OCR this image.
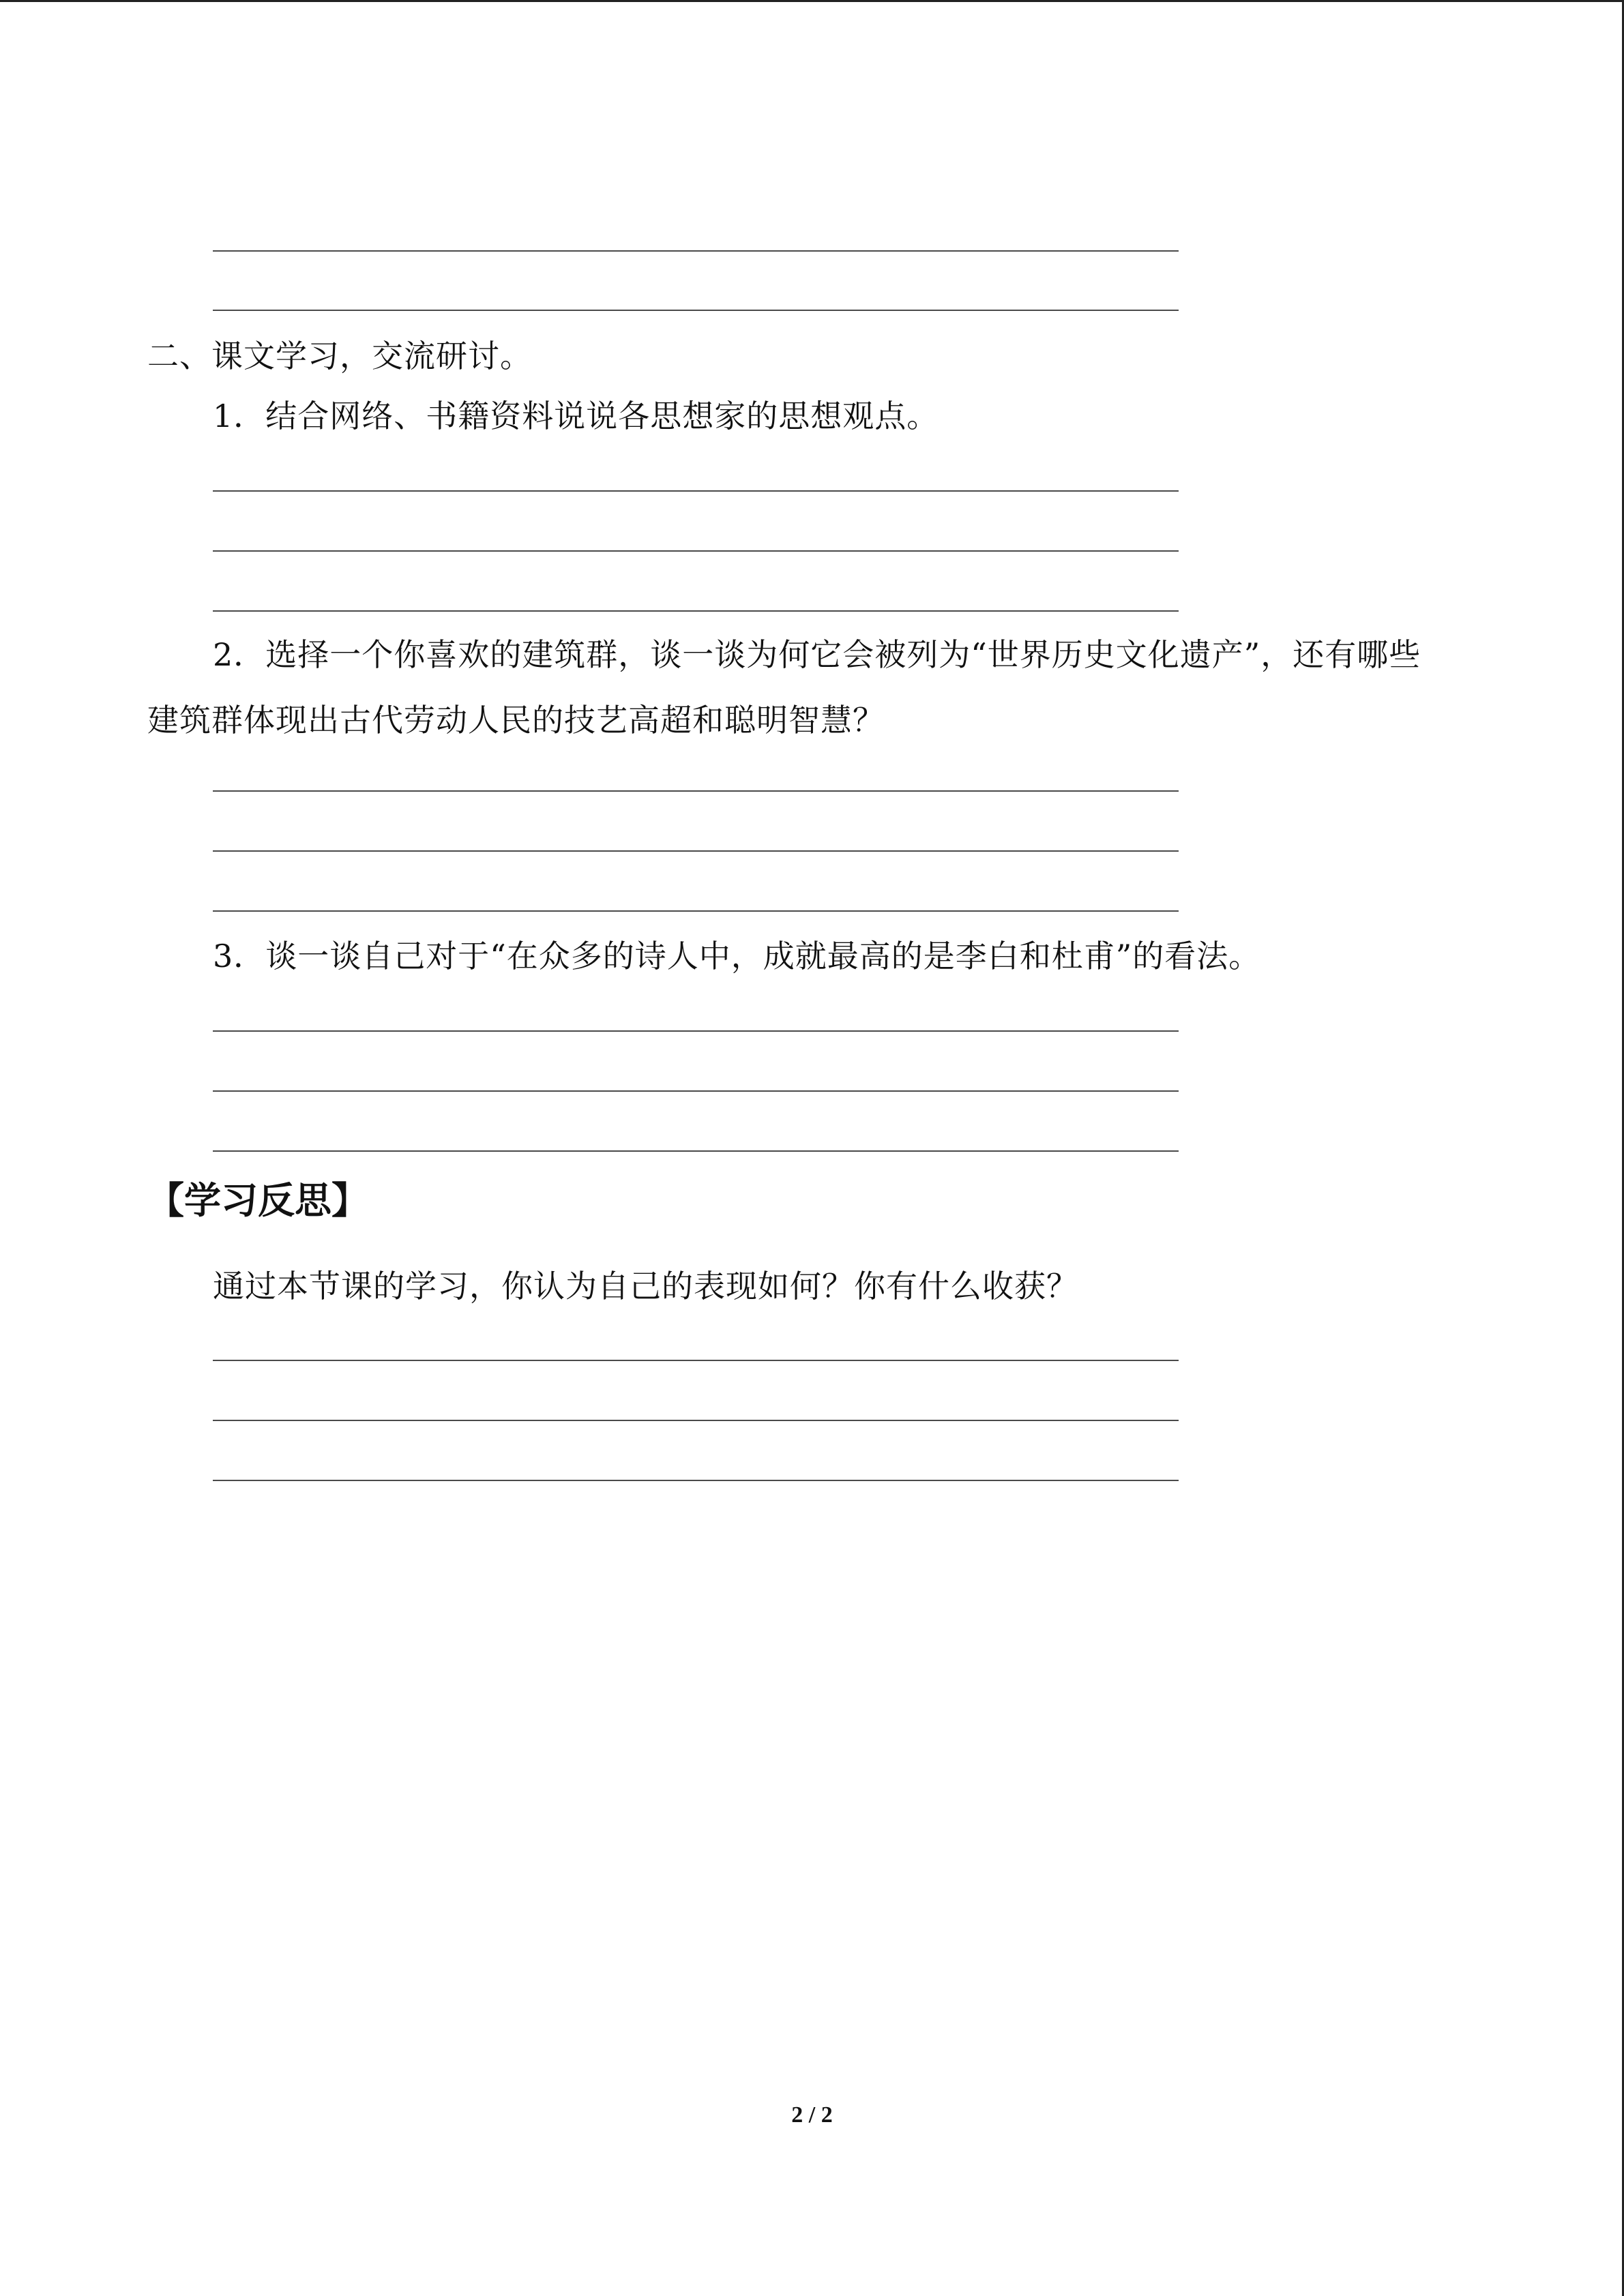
二、课文学习，交流研讨。
1．结合网络、书籍资料说说各思想家的思想观点。
2．选择一个你喜欢的建筑群，谈一谈为何它会被列为“世界历史文化遗产”，还有哪些
建筑群体现出古代劳动人民的技艺高超和聪明智慧？
3．谈一谈自己对于“在众多的诗人中，成就最高的是李白和杜甫”的看法。
【学习反思】
通过本节课的学习，你认为自己的表现如何？你有什么收获？
2 / 2
